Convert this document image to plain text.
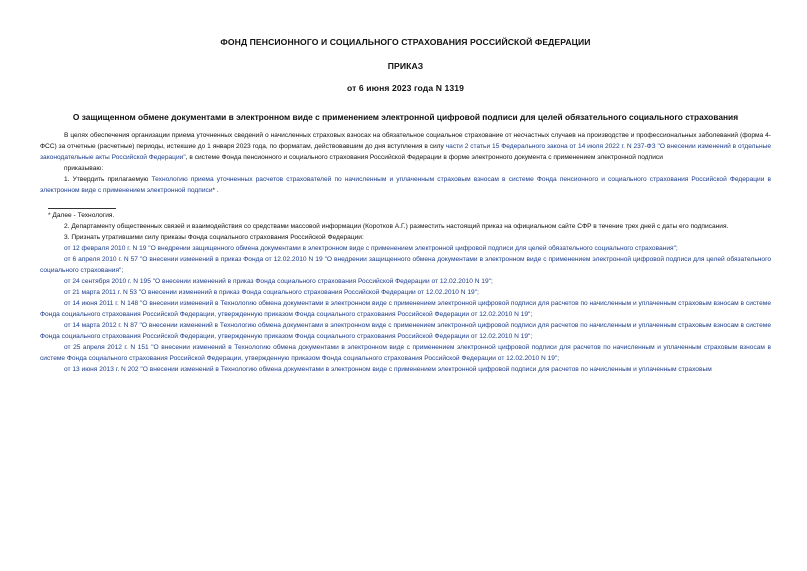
ФОНД ПЕНСИОННОГО И СОЦИАЛЬНОГО СТРАХОВАНИЯ РОССИЙСКОЙ ФЕДЕРАЦИИ

ПРИКАЗ

от 6 июня 2023 года N 1319

О защищенном обмене документами в электронном виде с применением электронной цифровой подписи для целей обязательного социального страхования

В целях обеспечения организации приема уточненных сведений о начисленных страховых взносах на обязательное социальное страхование от несчастных случаев на производстве и профессиональных заболеваний (форма 4-ФСС) за отчетные (расчетные) периоды, истекшие до 1 января 2023 года, по форматам, действовавшим до дня вступления в силу части 2 статьи 15 Федерального закона от 14 июля 2022 г. N 237-ФЗ "О внесении изменений в отдельные законодательные акты Российской Федерации", в системе Фонда пенсионного и социального страхования Российской Федерации в форме электронного документа с применением электронной подписи

приказываю:

1. Утвердить прилагаемую Технологию приема уточненных расчетов страхователей по начисленным и уплаченным страховым взносам в системе Фонда пенсионного и социального страхования Российской Федерации в электронном виде с применением электронной подписи* .

* Далее - Технология.

2. Департаменту общественных связей и взаимодействия со средствами массовой информации (Коротков А.Г.) разместить настоящий приказ на официальном сайте СФР в течение трех дней с даты его подписания.

3. Признать утратившими силу приказы Фонда социального страхования Российской Федерации:

от 12 февраля 2010 г. N 19 "О внедрении защищенного обмена документами в электронном виде с применением электронной цифровой подписи для целей обязательного социального страхования";

от 6 апреля 2010 г. N 57 "О внесении изменений в приказ Фонда от 12.02.2010 N 19 "О внедрении защищенного обмена документами в электронном виде с применением электронной цифровой подписи для целей обязательного социального страхования";

от 24 сентября 2010 г. N 195 "О внесении изменений в приказ Фонда социального страхования Российской Федерации от 12.02.2010 N 19";

от 21 марта 2011 г. N 53 "О внесении изменений в приказ Фонда социального страхования Российской Федерации от 12.02.2010 N 19";

от 14 июня 2011 г. N 148 "О внесении изменений в Технологию обмена документами в электронном виде с применением электронной цифровой подписи для расчетов по начисленным и уплаченным страховым взносам в системе Фонда социального страхования Российской Федерации, утвержденную приказом Фонда социального страхования Российской Федерации от 12.02.2010 N 19";

от 14 марта 2012 г. N 87 "О внесении изменений в Технологию обмена документами в электронном виде с применением электронной цифровой подписи для расчетов по начисленным и уплаченным страховым взносам в системе Фонда социального страхования Российской Федерации, утвержденную приказом Фонда социального страхования Российской Федерации от 12.02.2010 N 19";

от 25 апреля 2012 г. N 151 "О внесении изменений в Технологию обмена документами в электронном виде с применением электронной цифровой подписи для расчетов по начисленным и уплаченным страховым взносам в системе Фонда социального страхования Российской Федерации, утвержденную приказом Фонда социального страхования Российской Федерации от 12.02.2010 N 19";

от 13 июня 2013 г. N 202 "О внесении изменений в Технологию обмена документами в электронном виде с применением электронной цифровой подписи для расчетов по начисленным и уплаченным страховым
